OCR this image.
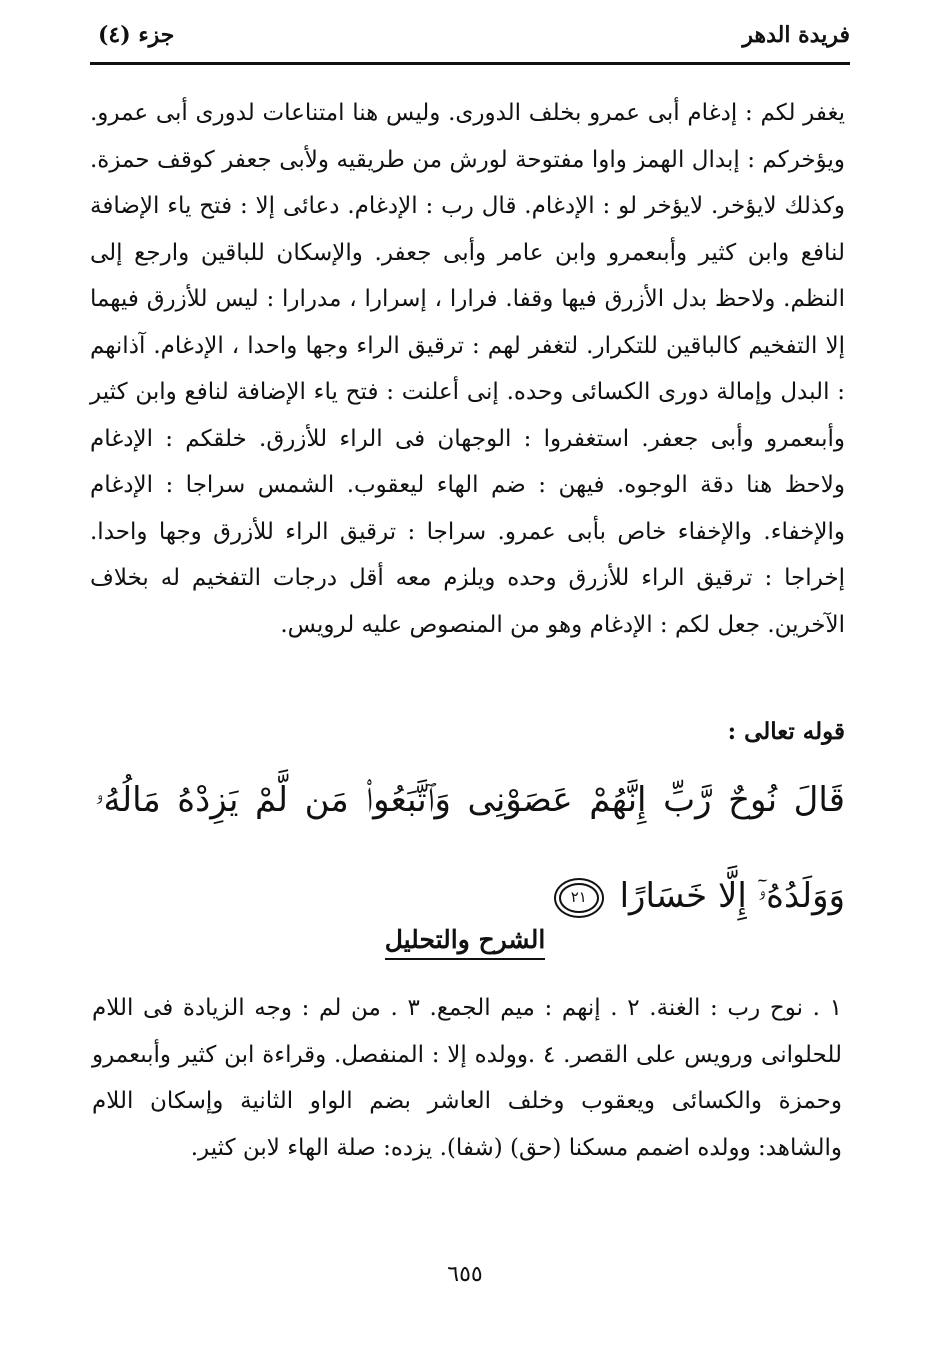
فريدة الدهر
جزء (٤)

يغفر لكم : إدغام أبى عمرو بخلف الدورى. وليس هنا امتناعات لدورى أبى عمرو. ويؤخركم : إبدال الهمز واوا مفتوحة لورش من طريقيه ولأبى جعفر كوقف حمزة. وكذلك لايؤخر. لايؤخر لو : الإدغام. قال رب : الإدغام. دعائى إلا : فتح ياء الإضافة لنافع وابن كثير وأبىعمرو وابن عامر وأبى جعفر. والإسكان للباقين وارجع إلى النظم. ولاحظ بدل الأزرق فيها وقفا. فرارا ، إسرارا ، مدرارا : ليس للأزرق فيهما إلا التفخيم كالباقين للتكرار. لتغفر لهم : ترقيق الراء وجها واحدا ، الإدغام. آذانهم : البدل وإمالة دورى الكسائى وحده. إنى أعلنت : فتح ياء الإضافة لنافع وابن كثير وأبىعمرو وأبى جعفر. استغفروا : الوجهان فى الراء للأزرق. خلقكم : الإدغام ولاحظ هنا دقة الوجوه. فيهن : ضم الهاء ليعقوب. الشمس سراجا : الإدغام والإخفاء. والإخفاء خاص بأبى عمرو. سراجا : ترقيق الراء للأزرق وجها واحدا. إخراجا : ترقيق الراء للأزرق وحده ويلزم معه أقل درجات التفخيم له بخلاف الآخرين. جعل لكم : الإدغام وهو من المنصوص عليه لرويس.

قوله تعالى :
قَالَ نُوحٌ رَّبِّ إِنَّهُمْ عَصَوْنِى وَٱتَّبَعُوا۟ مَن لَّمْ يَزِدْهُ مَالُهُۥ وَوَلَدُهُۥٓ إِلَّا خَسَارًا ٢١
الشرح والتحليل

١ . نوح رب : الغنة. ٢ . إنهم : ميم الجمع. ٣ . من لم : وجه الزيادة فى اللام للحلوانى ورويس على القصر. ٤ .وولده إلا : المنفصل. وقراءة ابن كثير وأبىعمرو وحمزة والكسائى ويعقوب وخلف العاشر بضم الواو الثانية وإسكان اللام والشاهد: وولده اضمم مسكنا (حق) (شفا). يزده: صلة الهاء لابن كثير.

٦٥٥
